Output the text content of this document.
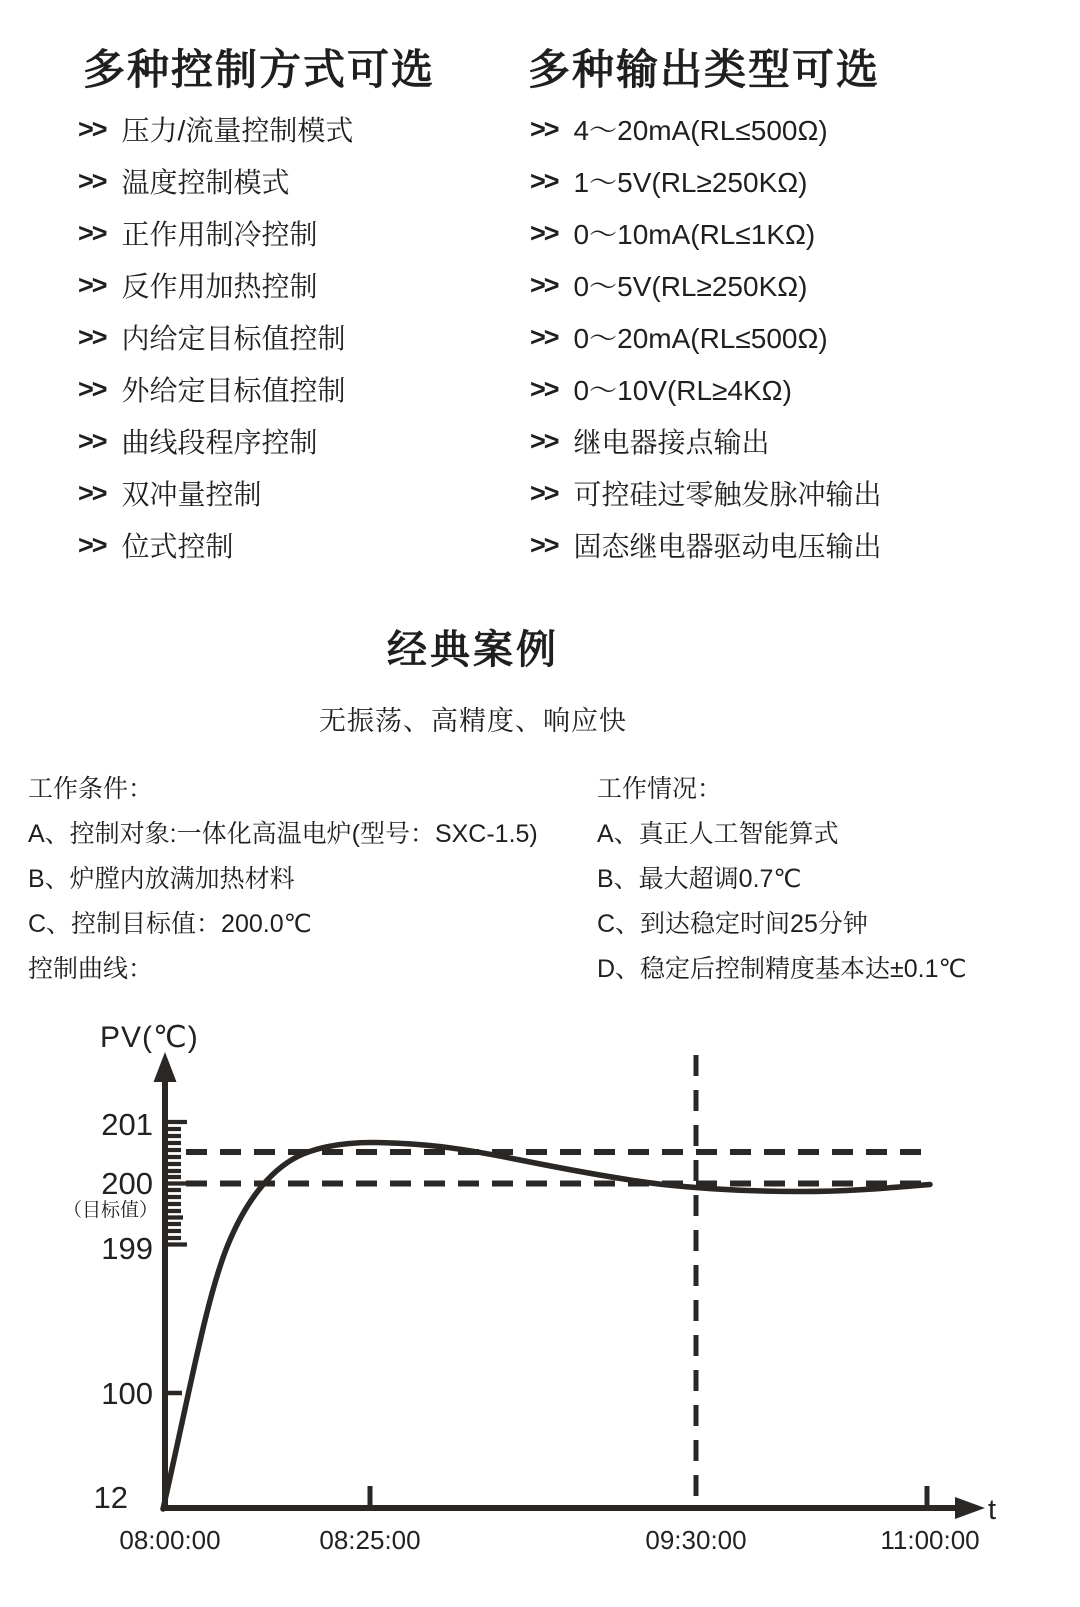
多种控制方式可选 多种输出类型可选
>> 压力/流量控制模式
>> 温度控制模式
>> 正作用制冷控制
>> 反作用加热控制
>> 内给定目标值控制
>> 外给定目标值控制
>> 曲线段程序控制
>> 双冲量控制
>> 位式控制
>> 4～20mA(RL≤500Ω)
>> 1～5V(RL≥250KΩ)
>> 0～10mA(RL≤1KΩ)
>> 0～5V(RL≥250KΩ)
>> 0～20mA(RL≤500Ω)
>> 0～10V(RL≥4KΩ)
>> 继电器接点输出
>> 可控硅过零触发脉冲输出
>> 固态继电器驱动电压输出
经典案例
无振荡、高精度、响应快
工作条件：
A、控制对象:一体化高温电炉(型号：SXC-1.5)
B、炉膛内放满加热材料
C、控制目标值：200.0℃
控制曲线：
工作情况：
A、真正人工智能算式
B、最大超调0.7℃
C、到达稳定时间25分钟
D、稳定后控制精度基本达±0.1℃
PV(℃)
201
200
（目标值）
199
100
12
08:00:00	08:25:00	09:30:00	11:00:00
t
